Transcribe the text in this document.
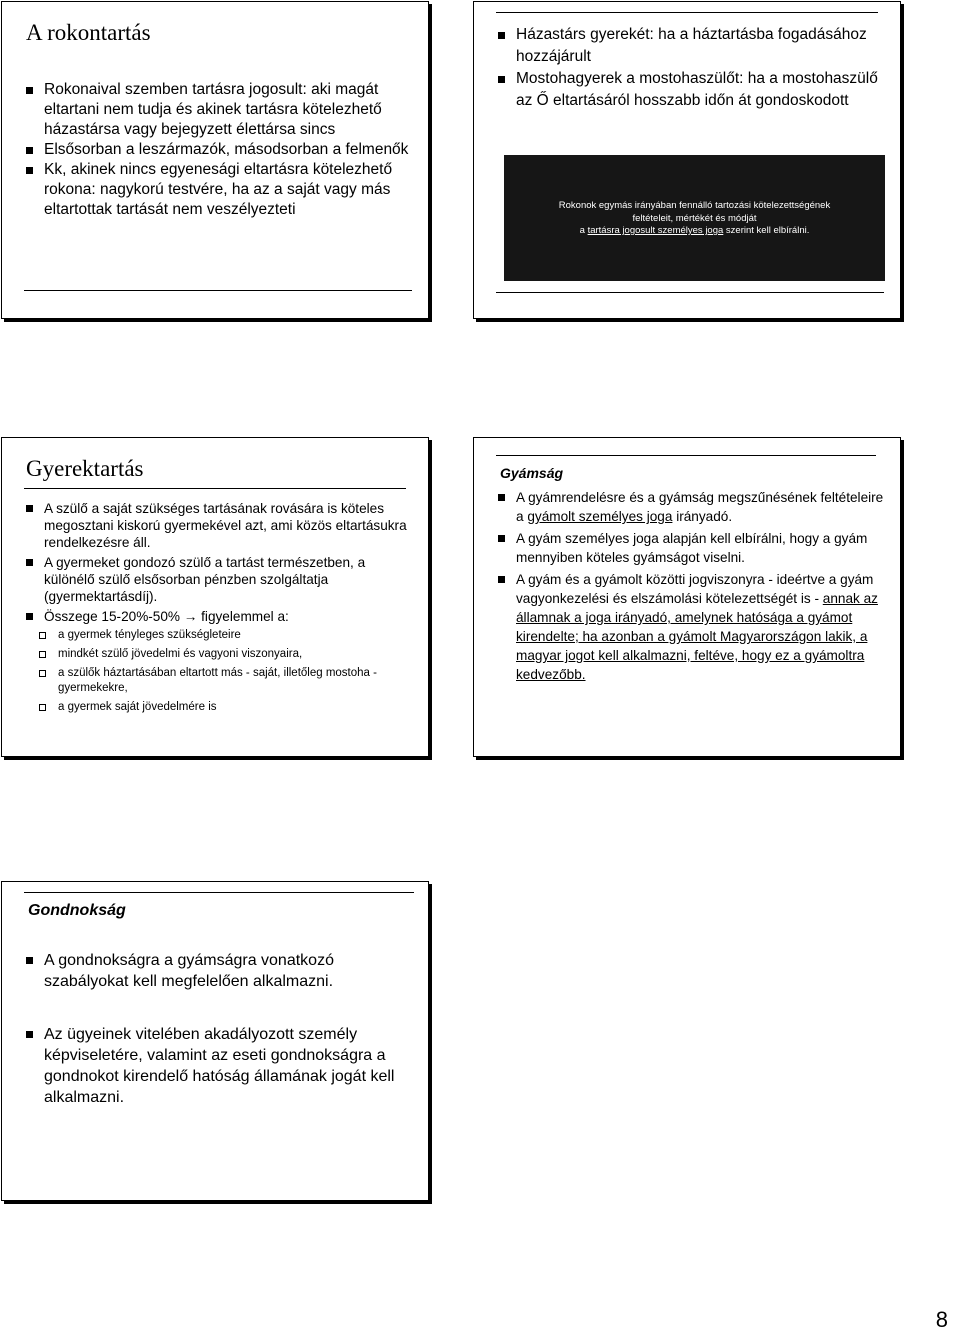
A rokontartás
Rokonaival szemben tartásra jogosult: aki magát eltartani nem tudja és akinek tartásra kötelezhető házastársa vagy bejegyzett élettársa sincs
Elsősorban a leszármazók, másodsorban a felmenők
Kk, akinek nincs egyenesági eltartásra kötelezhető rokona: nagykorú testvére, ha az a saját vagy más eltartottak tartását nem veszélyezteti
Házastárs gyerekét: ha a háztartásba fogadásához hozzájárult
Mostohagyerek a mostohaszülőt: ha a mostohaszülő az Ő eltartásáról hosszabb időn át gondoskodott
Rokonok egymás irányában fennálló tartozási kötelezettségének
feltételeit, mértékét és módját
a tartásra jogosult személyes joga szerint kell elbírálni.
Gyerektartás
A szülő a saját szükséges tartásának rovására is köteles megosztani kiskorú gyermekével azt, ami közös eltartásukra rendelkezésre áll.
A gyermeket gondozó szülő a tartást természetben, a különélő szülő elsősorban pénzben szolgáltatja (gyermektartásdíj).
Összege 15-20%-50% → figyelemmel a:
a gyermek tényleges szükségleteire
mindkét szülő jövedelmi és vagyoni viszonyaira,
a szülők háztartásában eltartott más - saját, illetőleg mostoha - gyermekekre,
a gyermek saját jövedelmére is
Gyámság
A gyámrendelésre és a gyámság megszűnésének feltételeire a gyámolt személyes joga irányadó.
A gyám személyes joga alapján kell elbírálni, hogy a gyám mennyiben köteles gyámságot viselni.
A gyám és a gyámolt közötti jogviszonyra - ideértve a gyám vagyonkezelési és elszámolási kötelezettségét is - annak az államnak a joga irányadó, amelynek hatósága a gyámot kirendelte; ha azonban a gyámolt Magyarországon lakik, a magyar jogot kell alkalmazni, feltéve, hogy ez a gyámoltra kedvezőbb.
Gondnokság
A gondnokságra a gyámságra vonatkozó szabályokat kell megfelelően alkalmazni.
Az ügyeinek vitelében akadályozott személy képviseletére, valamint az eseti gondnokságra a gondnokot kirendelő hatóság államának jogát kell alkalmazni.
8
